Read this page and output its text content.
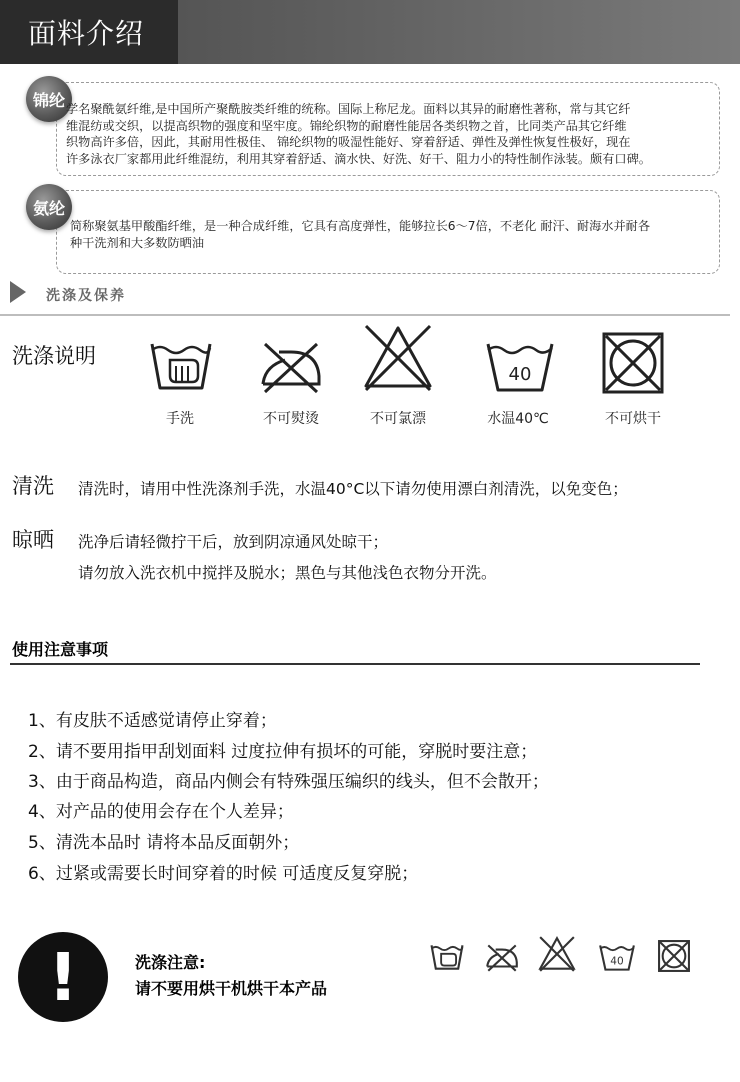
面料介绍
锦纶 学名聚酰氨纤维,是中国所产聚酰胺类纤维的统称。国际上称尼龙。面料以其异的耐磨性著称，常与其它纤
维混纺或交织，以提高织物的强度和坚牢度。锦纶织物的耐磨性能居各类织物之首，比同类产品其它纤维
织物高许多倍，因此，其耐用性极佳、 锦纶织物的吸湿性能好、穿着舒适、弹性及弹性恢复性极好，现在
许多泳衣厂家都用此纤维混纺，利用其穿着舒适、滴水快、好洗、好干、阻力小的特性制作泳装。颇有口碑。
氨纶
简称聚氨基甲酸酯纤维，是一种合成纤维，它具有高度弹性，能够拉长6～7倍，不老化 耐汗、耐海水并耐各
种干洗剂和大多数防晒油
洗涤及保养
洗涤说明
40
手洗	不可熨烫	不可氯漂	水温40℃	不可烘干
清洗 清洗时，请用中性洗涤剂手洗，水温40°C以下请勿使用漂白剂清洗，以免变色；
晾晒 洗净后请轻微拧干后，放到阴凉通风处晾干；
请勿放入洗衣机中搅拌及脱水；黑色与其他浅色衣物分开洗。
使用注意事项
1、有皮肤不适感觉请停止穿着；
2、请不要用指甲刮划面料 过度拉伸有损坏的可能，穿脱时要注意；
3、由于商品构造，商品内侧会有特殊强压编织的线头，但不会散开；
4、对产品的使用会存在个人差异；
5、清洗本品时 请将本品反面朝外；
6、过紧或需要长时间穿着的时候 可适度反复穿脱；
!	洗涤注意:
请不要用烘干机烘干本产品
40
